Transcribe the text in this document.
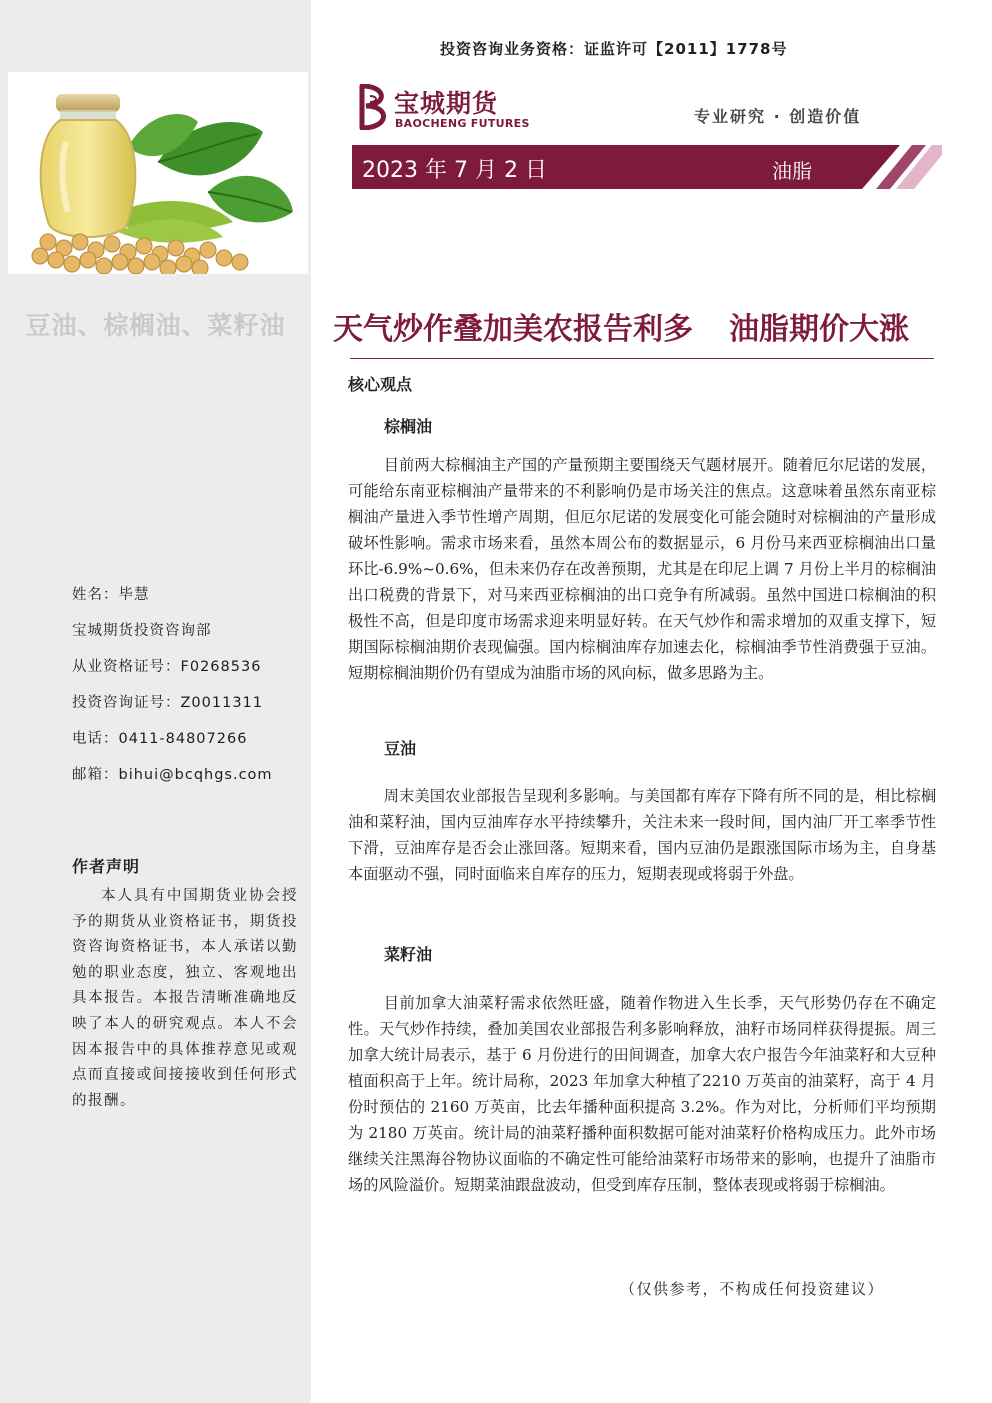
豆油、棕榈油、菜籽油
姓名：毕慧
宝城期货投资咨询部
从业资格证号：F0268536
投资咨询证号：Z0011311
电话：0411-84807266
邮箱：bihui@bcqhgs.com
作者声明
本人具有中国期货业协会授予的期货从业资格证书，期货投资咨询资格证书，本人承诺以勤勉的职业态度，独立、客观地出具本报告。本报告清晰准确地反映了本人的研究观点。本人不会因本报告中的具体推荐意见或观点而直接或间接接收到任何形式的报酬。
投资咨询业务资格：证监许可【2011】1778号
宝城期货
BAOCHENG FUTURES	专业研究 · 创造价值
2023 年 7 月 2 日	油脂
天气炒作叠加美农报告利多 油脂期价大涨
核心观点
棕榈油
目前两大棕榈油主产国的产量预期主要围绕天气题材展开。随着厄尔尼诺的发展，可能给东南亚棕榈油产量带来的不利影响仍是市场关注的焦点。这意味着虽然东南亚棕榈油产量进入季节性增产周期，但厄尔尼诺的发展变化可能会随时对棕榈油的产量形成破坏性影响。需求市场来看，虽然本周公布的数据显示，6 月份马来西亚棕榈油出口量环比-6.9%~0.6%，但未来仍存在改善预期，尤其是在印尼上调 7 月份上半月的棕榈油出口税费的背景下，对马来西亚棕榈油的出口竞争有所减弱。虽然中国进口棕榈油的积极性不高，但是印度市场需求迎来明显好转。在天气炒作和需求增加的双重支撑下，短期国际棕榈油期价表现偏强。国内棕榈油库存加速去化，棕榈油季节性消费强于豆油。短期棕榈油期价仍有望成为油脂市场的风向标，做多思路为主。
豆油
周末美国农业部报告呈现利多影响。与美国都有库存下降有所不同的是，相比棕榈油和菜籽油，国内豆油库存水平持续攀升，关注未来一段时间，国内油厂开工率季节性下滑，豆油库存是否会止涨回落。短期来看，国内豆油仍是跟涨国际市场为主，自身基本面驱动不强，同时面临来自库存的压力，短期表现或将弱于外盘。
菜籽油
目前加拿大油菜籽需求依然旺盛，随着作物进入生长季，天气形势仍存在不确定性。天气炒作持续，叠加美国农业部报告利多影响释放，油籽市场同样获得提振。周三加拿大统计局表示，基于 6 月份进行的田间调查，加拿大农户报告今年油菜籽和大豆种植面积高于上年。统计局称，2023 年加拿大种植了2210 万英亩的油菜籽，高于 4 月份时预估的 2160 万英亩，比去年播种面积提高 3.2%。作为对比，分析师们平均预期为 2180 万英亩。统计局的油菜籽播种面积数据可能对油菜籽价格构成压力。此外市场继续关注黑海谷物协议面临的不确定性可能给油菜籽市场带来的影响，也提升了油脂市场的风险溢价。短期菜油跟盘波动，但受到库存压制，整体表现或将弱于棕榈油。
（仅供参考，不构成任何投资建议）
